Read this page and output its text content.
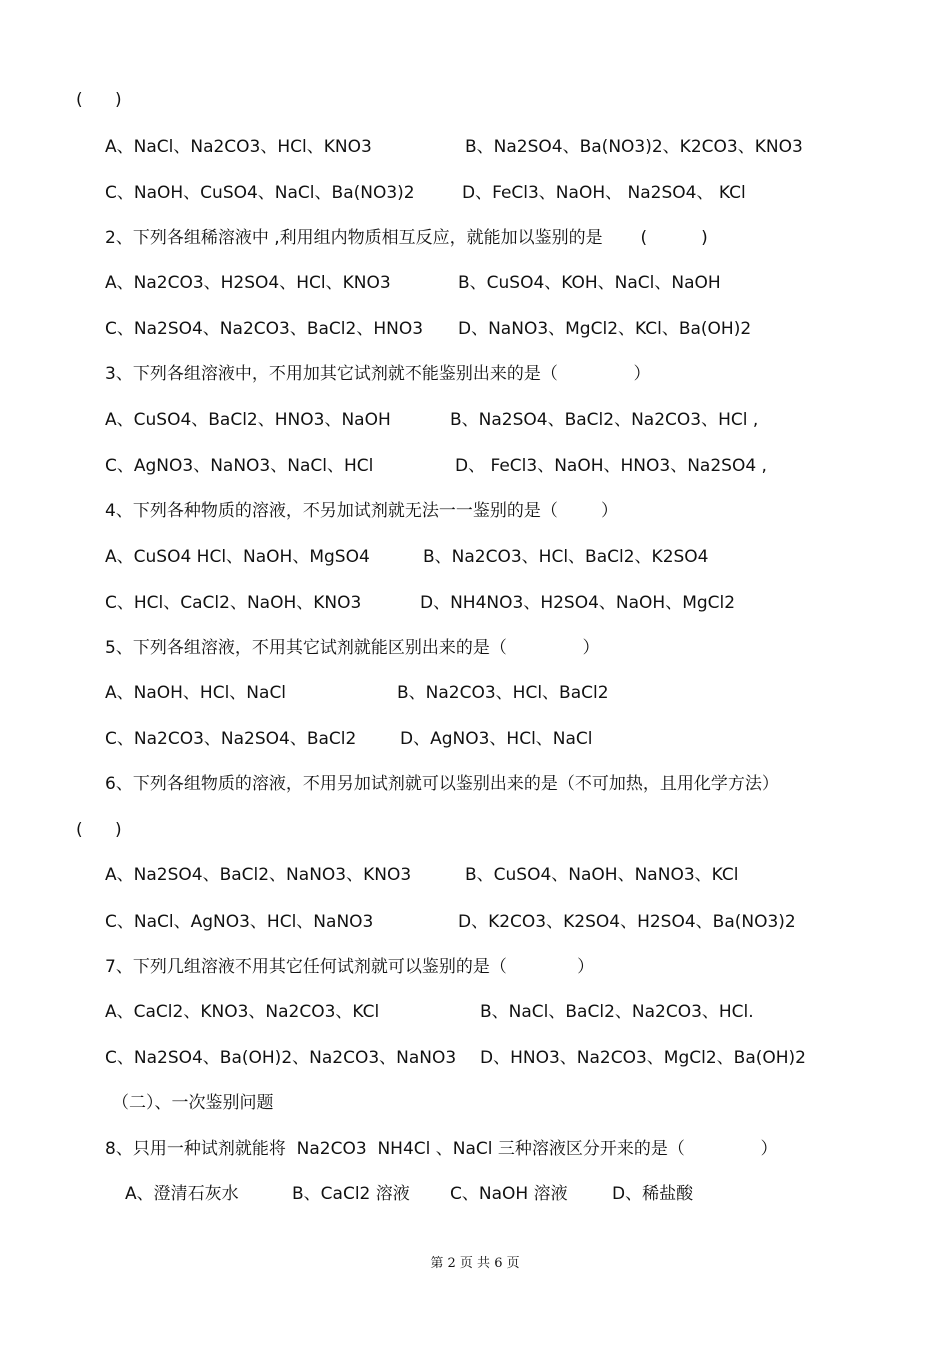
(      )
A、NaCl、Na2CO3、HCl、KNO3	B、Na2SO4、Ba(NO3)2、K2CO3、KNO3
C、NaOH、CuSO4、NaCl、Ba(NO3)2	D、FeCl3、NaOH、 Na2SO4、 KCl
2、下列各组稀溶液中 ,利用组内物质相互反应，就能加以鉴别的是       (          )
A、Na2CO3、H2SO4、HCl、KNO3	B、CuSO4、KOH、NaCl、NaOH
C、Na2SO4、Na2CO3、BaCl2、HNO3 D、NaNO3、MgCl2、KCl、Ba(OH)2
3、下列各组溶液中，不用加其它试剂就不能鉴别出来的是（              ）
A、CuSO4、BaCl2、HNO3、NaOH	B、Na2SO4、BaCl2、Na2CO3、HCl ,
C、AgNO3、NaNO3、NaCl、HCl	D、 FeCl3、NaOH、HNO3、Na2SO4 ,
4、下列各种物质的溶液，不另加试剂就无法一一鉴别的是（        ）
A、CuSO4 HCl、NaOH、MgSO4	B、Na2CO3、HCl、BaCl2、K2SO4
C、HCl、CaCl2、NaOH、KNO3	D、NH4NO3、H2SO4、NaOH、MgCl2
5、下列各组溶液，不用其它试剂就能区别出来的是（              ）
A、NaOH、HCl、NaCl	B、Na2CO3、HCl、BaCl2
C、Na2CO3、Na2SO4、BaCl2	D、AgNO3、HCl、NaCl
6、下列各组物质的溶液，不用另加试剂就可以鉴别出来的是（不可加热，且用化学方法）
(      )
A、Na2SO4、BaCl2、NaNO3、KNO3	B、CuSO4、NaOH、NaNO3、KCl
C、NaCl、AgNO3、HCl、NaNO3	D、K2CO3、K2SO4、H2SO4、Ba(NO3)2
7、下列几组溶液不用其它任何试剂就可以鉴别的是（             ）
A、CaCl2、KNO3、Na2CO3、KCl	B、NaCl、BaCl2、Na2CO3、HCl.
C、Na2SO4、Ba(OH)2、Na2CO3、NaNO3 D、HNO3、Na2CO3、MgCl2、Ba(OH)2
（二）、一次鉴别问题
8、只用一种试剂就能将  Na2CO3  NH4Cl 、NaCl 三种溶液区分开来的是（              ）
A、澄清石灰水	B、CaCl2 溶液 C、NaOH 溶液	D、稀盐酸
第 2 页 共 6 页
